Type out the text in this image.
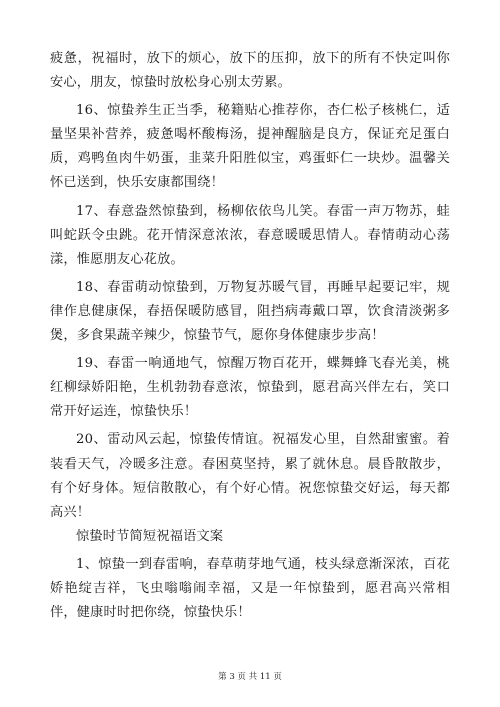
疲惫，祝福时，放下的烦心，放下的压抑，放下的所有不快定叫你安心，朋友，惊蛰时放松身心别太劳累。

16、惊蛰养生正当季，秘籍贴心推荐你，杏仁松子核桃仁，适量坚果补营养，疲惫喝杯酸梅汤，提神醒脑是良方，保证充足蛋白质，鸡鸭鱼肉牛奶蛋，韭菜升阳胜似宝，鸡蛋虾仁一块炒。温馨关怀已送到，快乐安康都围绕！

17、春意盎然惊蛰到，杨柳依依鸟儿笑。春雷一声万物苏，蛙叫蛇跃令虫跳。花开情深意浓浓，春意暖暖思情人。春情萌动心荡漾，惟愿朋友心花放。

18、春雷萌动惊蛰到，万物复苏暖气冒，再睡早起要记牢，规律作息健康保，春捂保暖防感冒，阻挡病毒戴口罩，饮食清淡粥多煲，多食果蔬辛辣少，惊蛰节气，愿你身体健康步步高！

19、春雷一响通地气，惊醒万物百花开，蝶舞蜂飞春光美，桃红柳绿娇阳艳，生机勃勃春意浓，惊蛰到，愿君高兴伴左右，笑口常开好运连，惊蛰快乐！

20、雷动风云起，惊蛰传情谊。祝福发心里，自然甜蜜蜜。着装看天气，冷暖多注意。春困莫坚持，累了就休息。晨昏散散步，有个好身体。短信散散心，有个好心情。祝您惊蛰交好运，每天都高兴！

惊蛰时节简短祝福语文案

1、惊蛰一到春雷响，春草萌芽地气通，枝头绿意渐深浓，百花娇艳绽吉祥，飞虫嗡嗡闹幸福，又是一年惊蛰到，愿君高兴常相伴，健康时时把你绕，惊蛰快乐！

第 3 页 共 11 页
